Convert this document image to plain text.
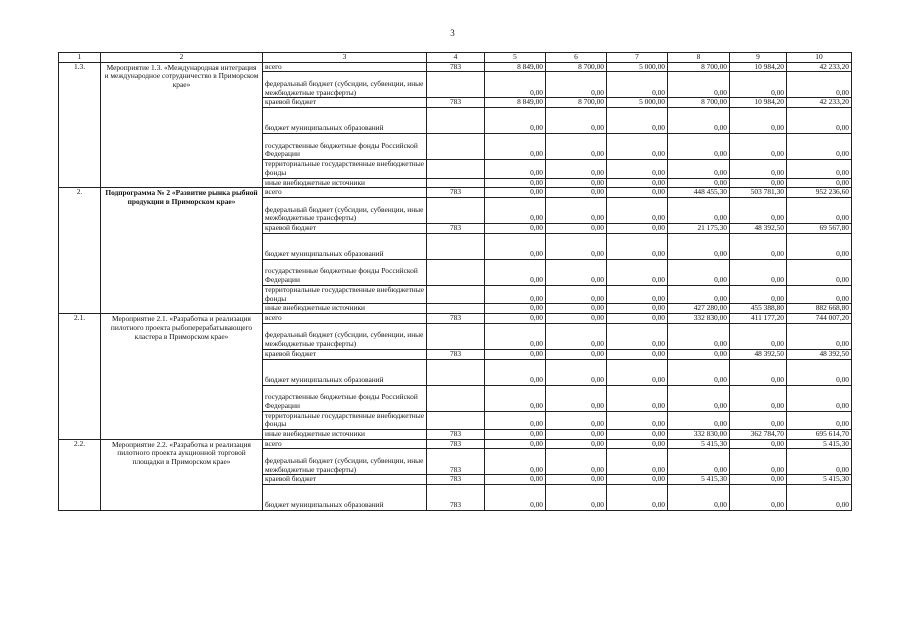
3
1	2	3	4	5	6	7	8	9	10
1.3.	Мероприятие 1.3. «Международная интеграция и международное сотрудничество в Приморском крае»	всего	783	8 849,00	8 700,00	5 000,00	8 700,00	10 984,20	42 233,20
		федеральный бюджет (субсидии, субвенции, иные межбюджетные трансферты)		0,00	0,00	0,00	0,00	0,00	0,00
		краевой бюджет	783	8 849,00	8 700,00	5 000,00	8 700,00	10 984,20	42 233,20
		бюджет муниципальных образований		0,00	0,00	0,00	0,00	0,00	0,00
		государственные бюджетные фонды Российской Федерации		0,00	0,00	0,00	0,00	0,00	0,00
		территориальные государственные внебюджетные фонды		0,00	0,00	0,00	0,00	0,00	0,00
		иные внебюджетные источники		0,00	0,00	0,00	0,00	0,00	0,00
2.	Подпрограмма № 2 «Развитие рынка рыбной продукции в Приморском крае»	всего	783	0,00	0,00	0,00	448 455,30	503 781,30	952 236,60
		федеральный бюджет (субсидии, субвенции, иные межбюджетные трансферты)		0,00	0,00	0,00	0,00	0,00	0,00
		краевой бюджет	783	0,00	0,00	0,00	21 175,30	48 392,50	69 567,80
		бюджет муниципальных образований		0,00	0,00	0,00	0,00	0,00	0,00
		государственные бюджетные фонды Российской Федерации		0,00	0,00	0,00	0,00	0,00	0,00
		территориальные государственные внебюджетные фонды		0,00	0,00	0,00	0,00	0,00	0,00
		иные внебюджетные источники		0,00	0,00	0,00	427 280,00	455 388,80	882 668,80
2.1.	Мероприятие 2.1. «Разработка и реализация пилотного проекта рыбоперерабатывающего кластера в Приморском крае»	всего	783	0,00	0,00	0,00	332 830,00	411 177,20	744 007,20
		федеральный бюджет (субсидии, субвенции, иные межбюджетные трансферты)		0,00	0,00	0,00	0,00	0,00	0,00
		краевой бюджет	783	0,00	0,00	0,00	0,00	48 392,50	48 392,50
		бюджет муниципальных образований		0,00	0,00	0,00	0,00	0,00	0,00
		государственные бюджетные фонды Российской Федерации		0,00	0,00	0,00	0,00	0,00	0,00
		территориальные государственные внебюджетные фонды		0,00	0,00	0,00	0,00	0,00	0,00
		иные внебюджетные источники	783	0,00	0,00	0,00	332 830,00	362 784,70	695 614,70
2.2.	Мероприятие 2.2. «Разработка и реализация пилотного проекта аукционной торговой площадки в Приморском крае»	всего	783	0,00	0,00	0,00	5 415,30	0,00	5 415,30
		федеральный бюджет (субсидии, субвенции, иные межбюджетные трансферты)	783	0,00	0,00	0,00	0,00	0,00	0,00
		краевой бюджет	783	0,00	0,00	0,00	5 415,30	0,00	5 415,30
		бюджет муниципальных образований	783	0,00	0,00	0,00	0,00	0,00	0,00
